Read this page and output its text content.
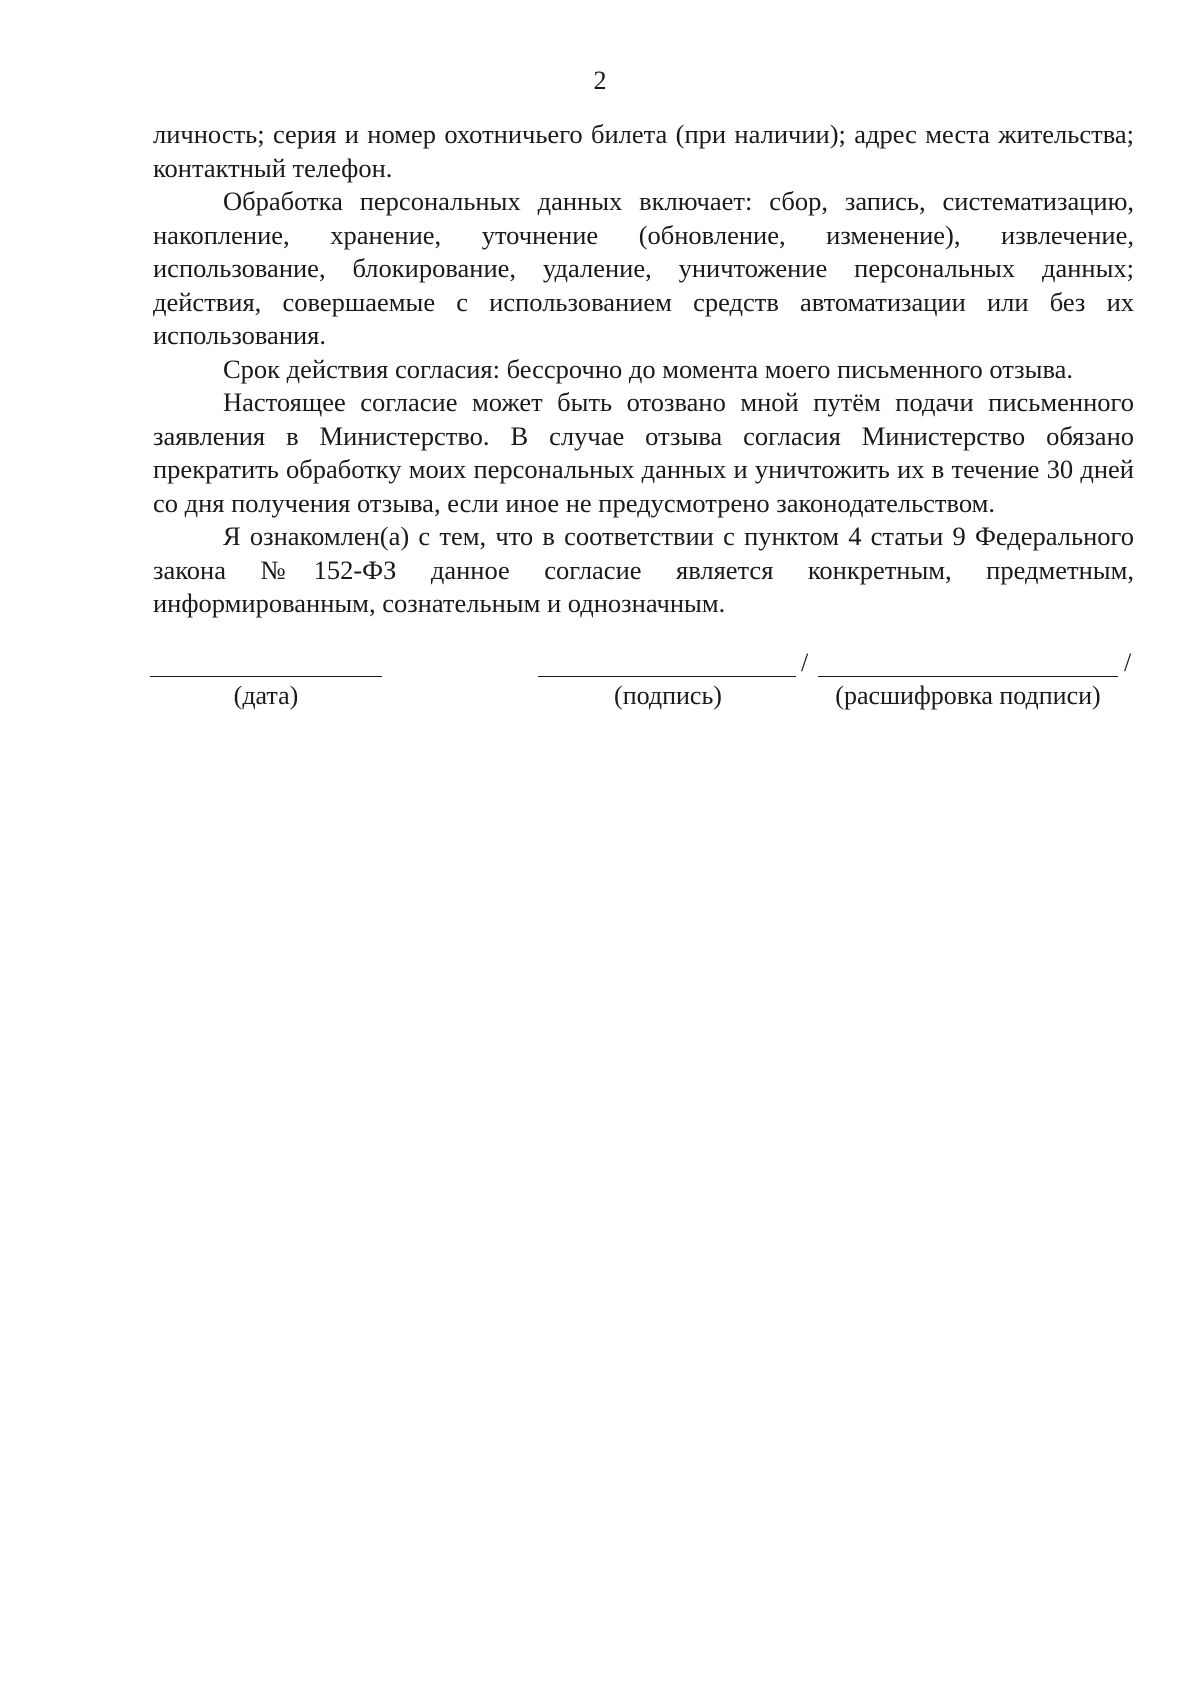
2

личность; серия и номер охотничьего билета (при наличии); адрес места жительства; контактный телефон.

Обработка персональных данных включает: сбор, запись, систематизацию, накопление, хранение, уточнение (обновление, изменение), извлечение, использование, блокирование, удаление, уничтожение персональных данных; действия, совершаемые с использованием средств автоматизации или без их использования.

Срок действия согласия: бессрочно до момента моего письменного отзыва.

Настоящее согласие может быть отозвано мной путём подачи письменного заявления в Министерство. В случае отзыва согласия Министерство обязано прекратить обработку моих персональных данных и уничтожить их в течение 30 дней со дня получения отзыва, если иное не предусмотрено законодательством.

Я ознакомлен(а) с тем, что в соответствии с пунктом 4 статьи 9 Федерального закона №152-ФЗ данное согласие является конкретным, предметным, информированным, сознательным и однозначным.

/	/
(дата)	(подпись)	(расшифровка подписи)
